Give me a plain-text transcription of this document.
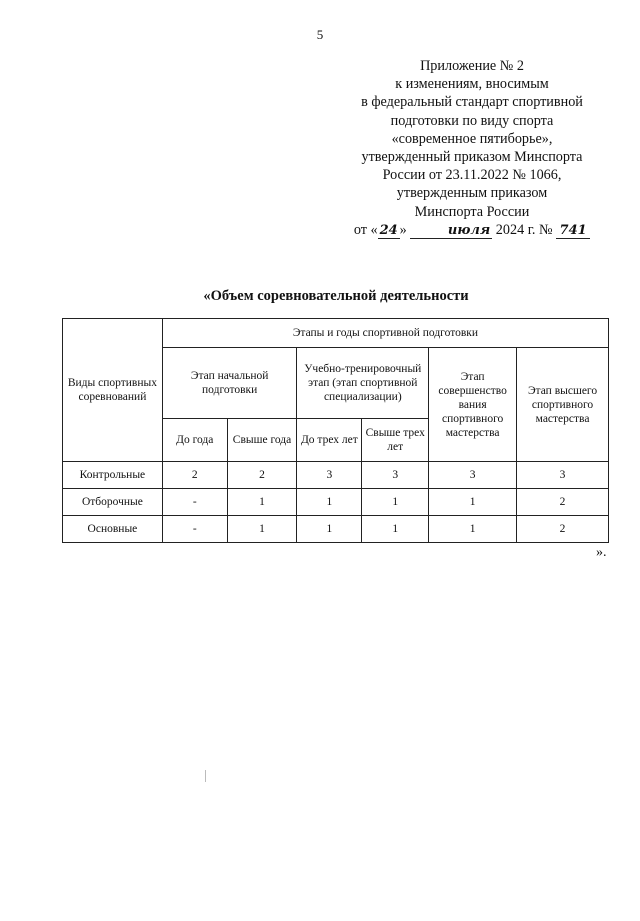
5
Приложение № 2
к изменениям, вносимым
в федеральный стандарт спортивной
подготовки по виду спорта
«современное пятиборье»,
утвержденный приказом Минспорта
России от 23.11.2022 № 1066,
утвержденным приказом
Минспорта России
от « 24 »	июля 2024 г. № 741
«Объем соревновательной деятельности
Виды спортивных соревнований	Этапы и годы спортивной подготовки					
	Этап начальной подготовки		Учебно-тренировочный этап (этап спортивной специализации)		Этап совершенство вания спортивного мастерства	Этап высшего спортивного мастерства
	До года	Свыше года	До трех лет	Свыше трех лет		
Контрольные	2	2	3	3	3	3
Отборочные	-	1	1	1	1	2
Основные	-	1	1	1	1	2
».
